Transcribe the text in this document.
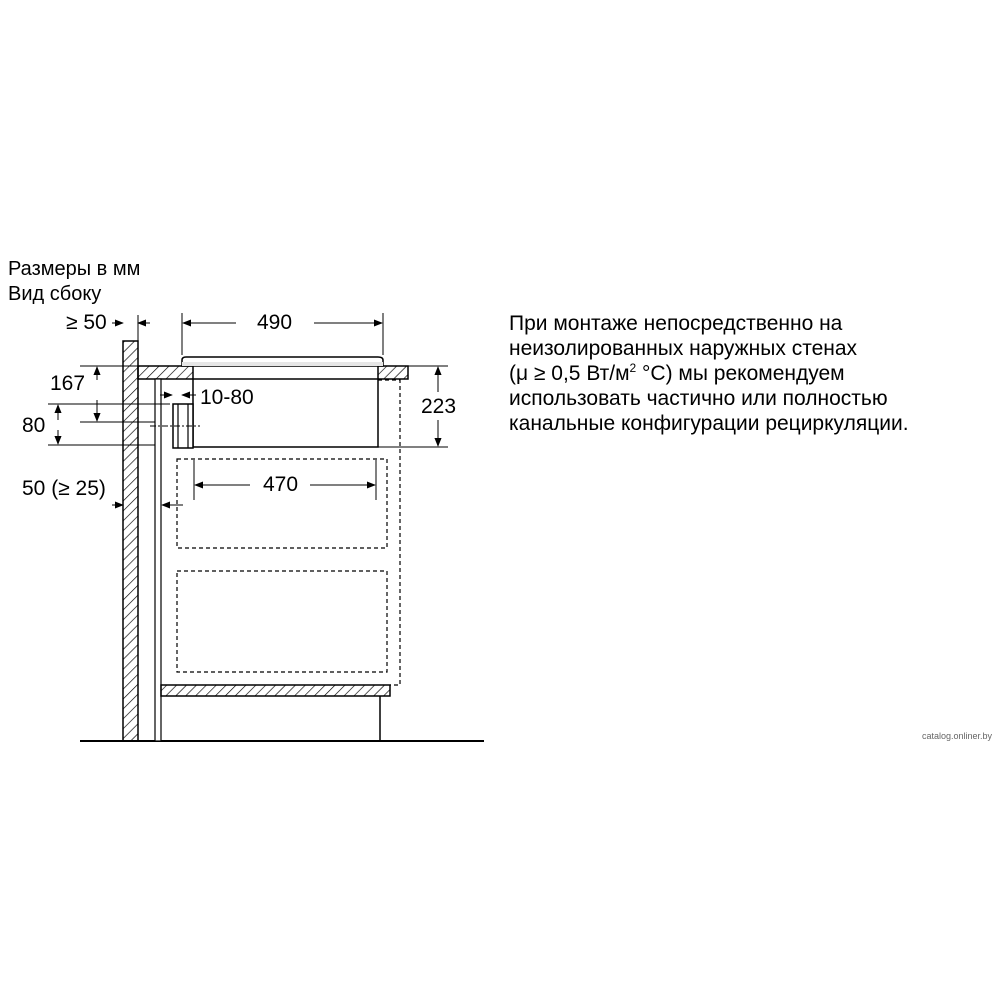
Размеры в мм
Вид сбоку
≥ 50	490
167
10-80
80
223
470
50 (≥ 25)
При монтаже непосредственно на
неизолированных наружных стенах
(μ ≥ 0,5 $Вт/м^2$ °C) мы рекомендуем
использовать частично или полностью
канальные конфигурации рециркуляции.
catalog.onliner.by
